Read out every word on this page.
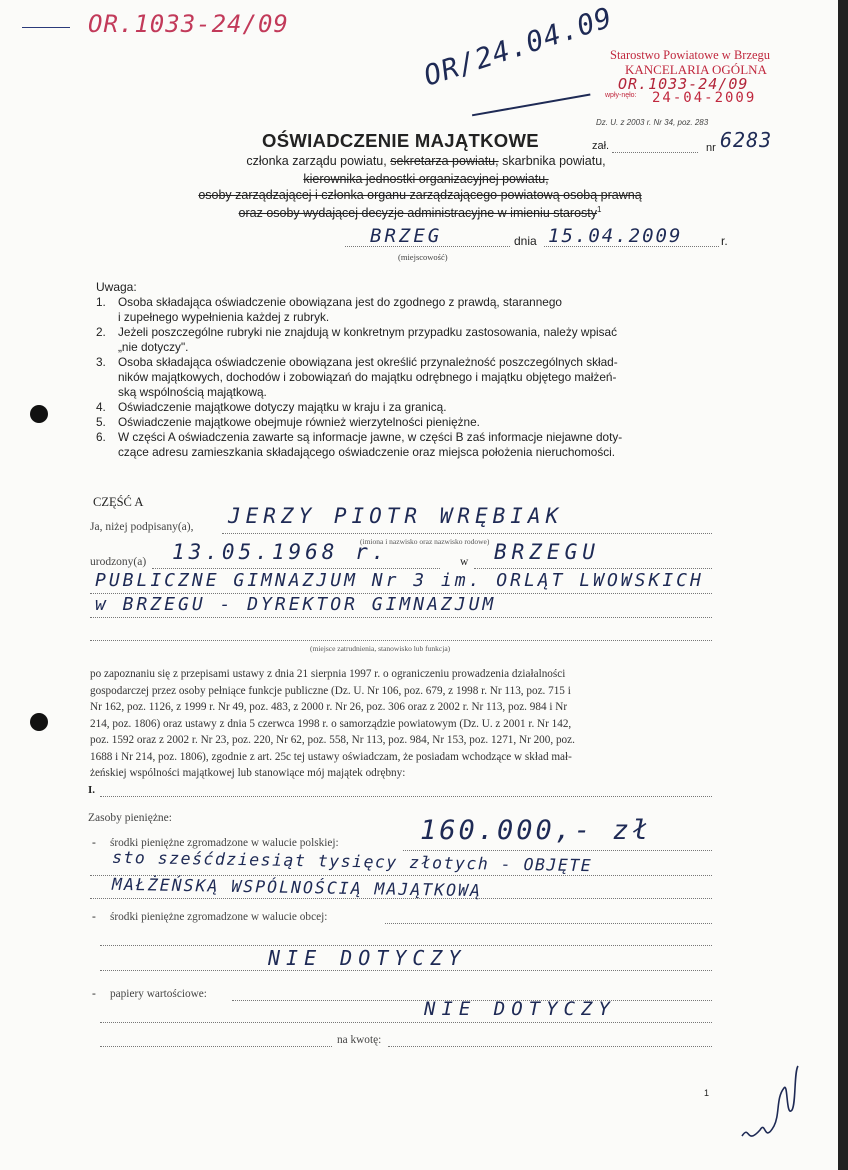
OR.1033-24/09	OR/24.04.09
Starostwo Powiatowe w Brzegu
KANCELARIA OGÓLNA
OR.1033-24/09
wpły-nęło: 24-04-2009
Dz. U. z 2003 r. Nr 34, poz. 283
zał.	nr 6283
OŚWIADCZENIE MAJĄTKOWE
członka zarządu powiatu, sekretarza powiatu, skarbnika powiatu,
kierownika jednostki organizacyjnej powiatu,
osoby zarządzającej i członka organu zarządzającego powiatową osobą prawną
oraz osoby wydającej decyzje administracyjne w imieniu starosty$^1$
BRZEG	dnia 15.04.2009	r.
(miejscowość)
Uwaga:
1.	Osoba składająca oświadczenie obowiązana jest do zgodnego z prawdą, starannego
i zupełnego wypełnienia każdej z rubryk.
2.	Jeżeli poszczególne rubryki nie znajdują w konkretnym przypadku zastosowania, należy wpisać
„nie dotyczy".
3.	Osoba składająca oświadczenie obowiązana jest określić przynależność poszczególnych skład-
ników majątkowych, dochodów i zobowiązań do majątku odrębnego i majątku objętego małżeń-
ską wspólnością majątkową.
4.	Oświadczenie majątkowe dotyczy majątku w kraju i za granicą.
5.	Oświadczenie majątkowe obejmuje również wierzytelności pieniężne.
6.	W części A oświadczenia zawarte są informacje jawne, w części B zaś informacje niejawne doty-
czące adresu zamieszkania składającego oświadczenie oraz miejsca położenia nieruchomości.
CZĘŚĆ A
Ja, niżej podpisany(a), JERZY PIOTR WRĘBIAK
(imiona i nazwisko oraz nazwisko rodowe)
urodzony(a) 13.05.1968 r.	w BRZEGU
PUBLICZNE GIMNAZJUM Nr 3 im. ORLĄT LWOWSKICH
w BRZEGU - DYREKTOR GIMNAZJUM
(miejsce zatrudnienia, stanowisko lub funkcja)
po zapoznaniu się z przepisami ustawy z dnia 21 sierpnia 1997 r. o ograniczeniu prowadzenia działalności
gospodarczej przez osoby pełniące funkcje publiczne (Dz. U. Nr 106, poz. 679, z 1998 r. Nr 113, poz. 715 i
Nr 162, poz. 1126, z 1999 r. Nr 49, poz. 483, z 2000 r. Nr 26, poz. 306 oraz z 2002 r. Nr 113, poz. 984 i Nr
214, poz. 1806) oraz ustawy z dnia 5 czerwca 1998 r. o samorządzie powiatowym (Dz. U. z 2001 r. Nr 142,
poz. 1592 oraz z 2002 r. Nr 23, poz. 220, Nr 62, poz. 558, Nr 113, poz. 984, Nr 153, poz. 1271, Nr 200, poz.
1688 i Nr 214, poz. 1806), zgodnie z art. 25c tej ustawy oświadczam, że posiadam wchodzące w skład mał-
żeńskiej wspólności majątkowej lub stanowiące mój majątek odrębny:
I.
Zasoby pieniężne:
- środki pieniężne zgromadzone w walucie polskiej:	160.000,- zł
sto sześćdziesiąt tysięcy złotych - OBJĘTE
MAŁŻEŃSKĄ WSPÓLNOŚCIĄ MAJĄTKOWĄ
- środki pieniężne zgromadzone w walucie obcej:
NIE DOTYCZY
- papiery wartościowe:
NIE DOTYCZY
na kwotę:
1
